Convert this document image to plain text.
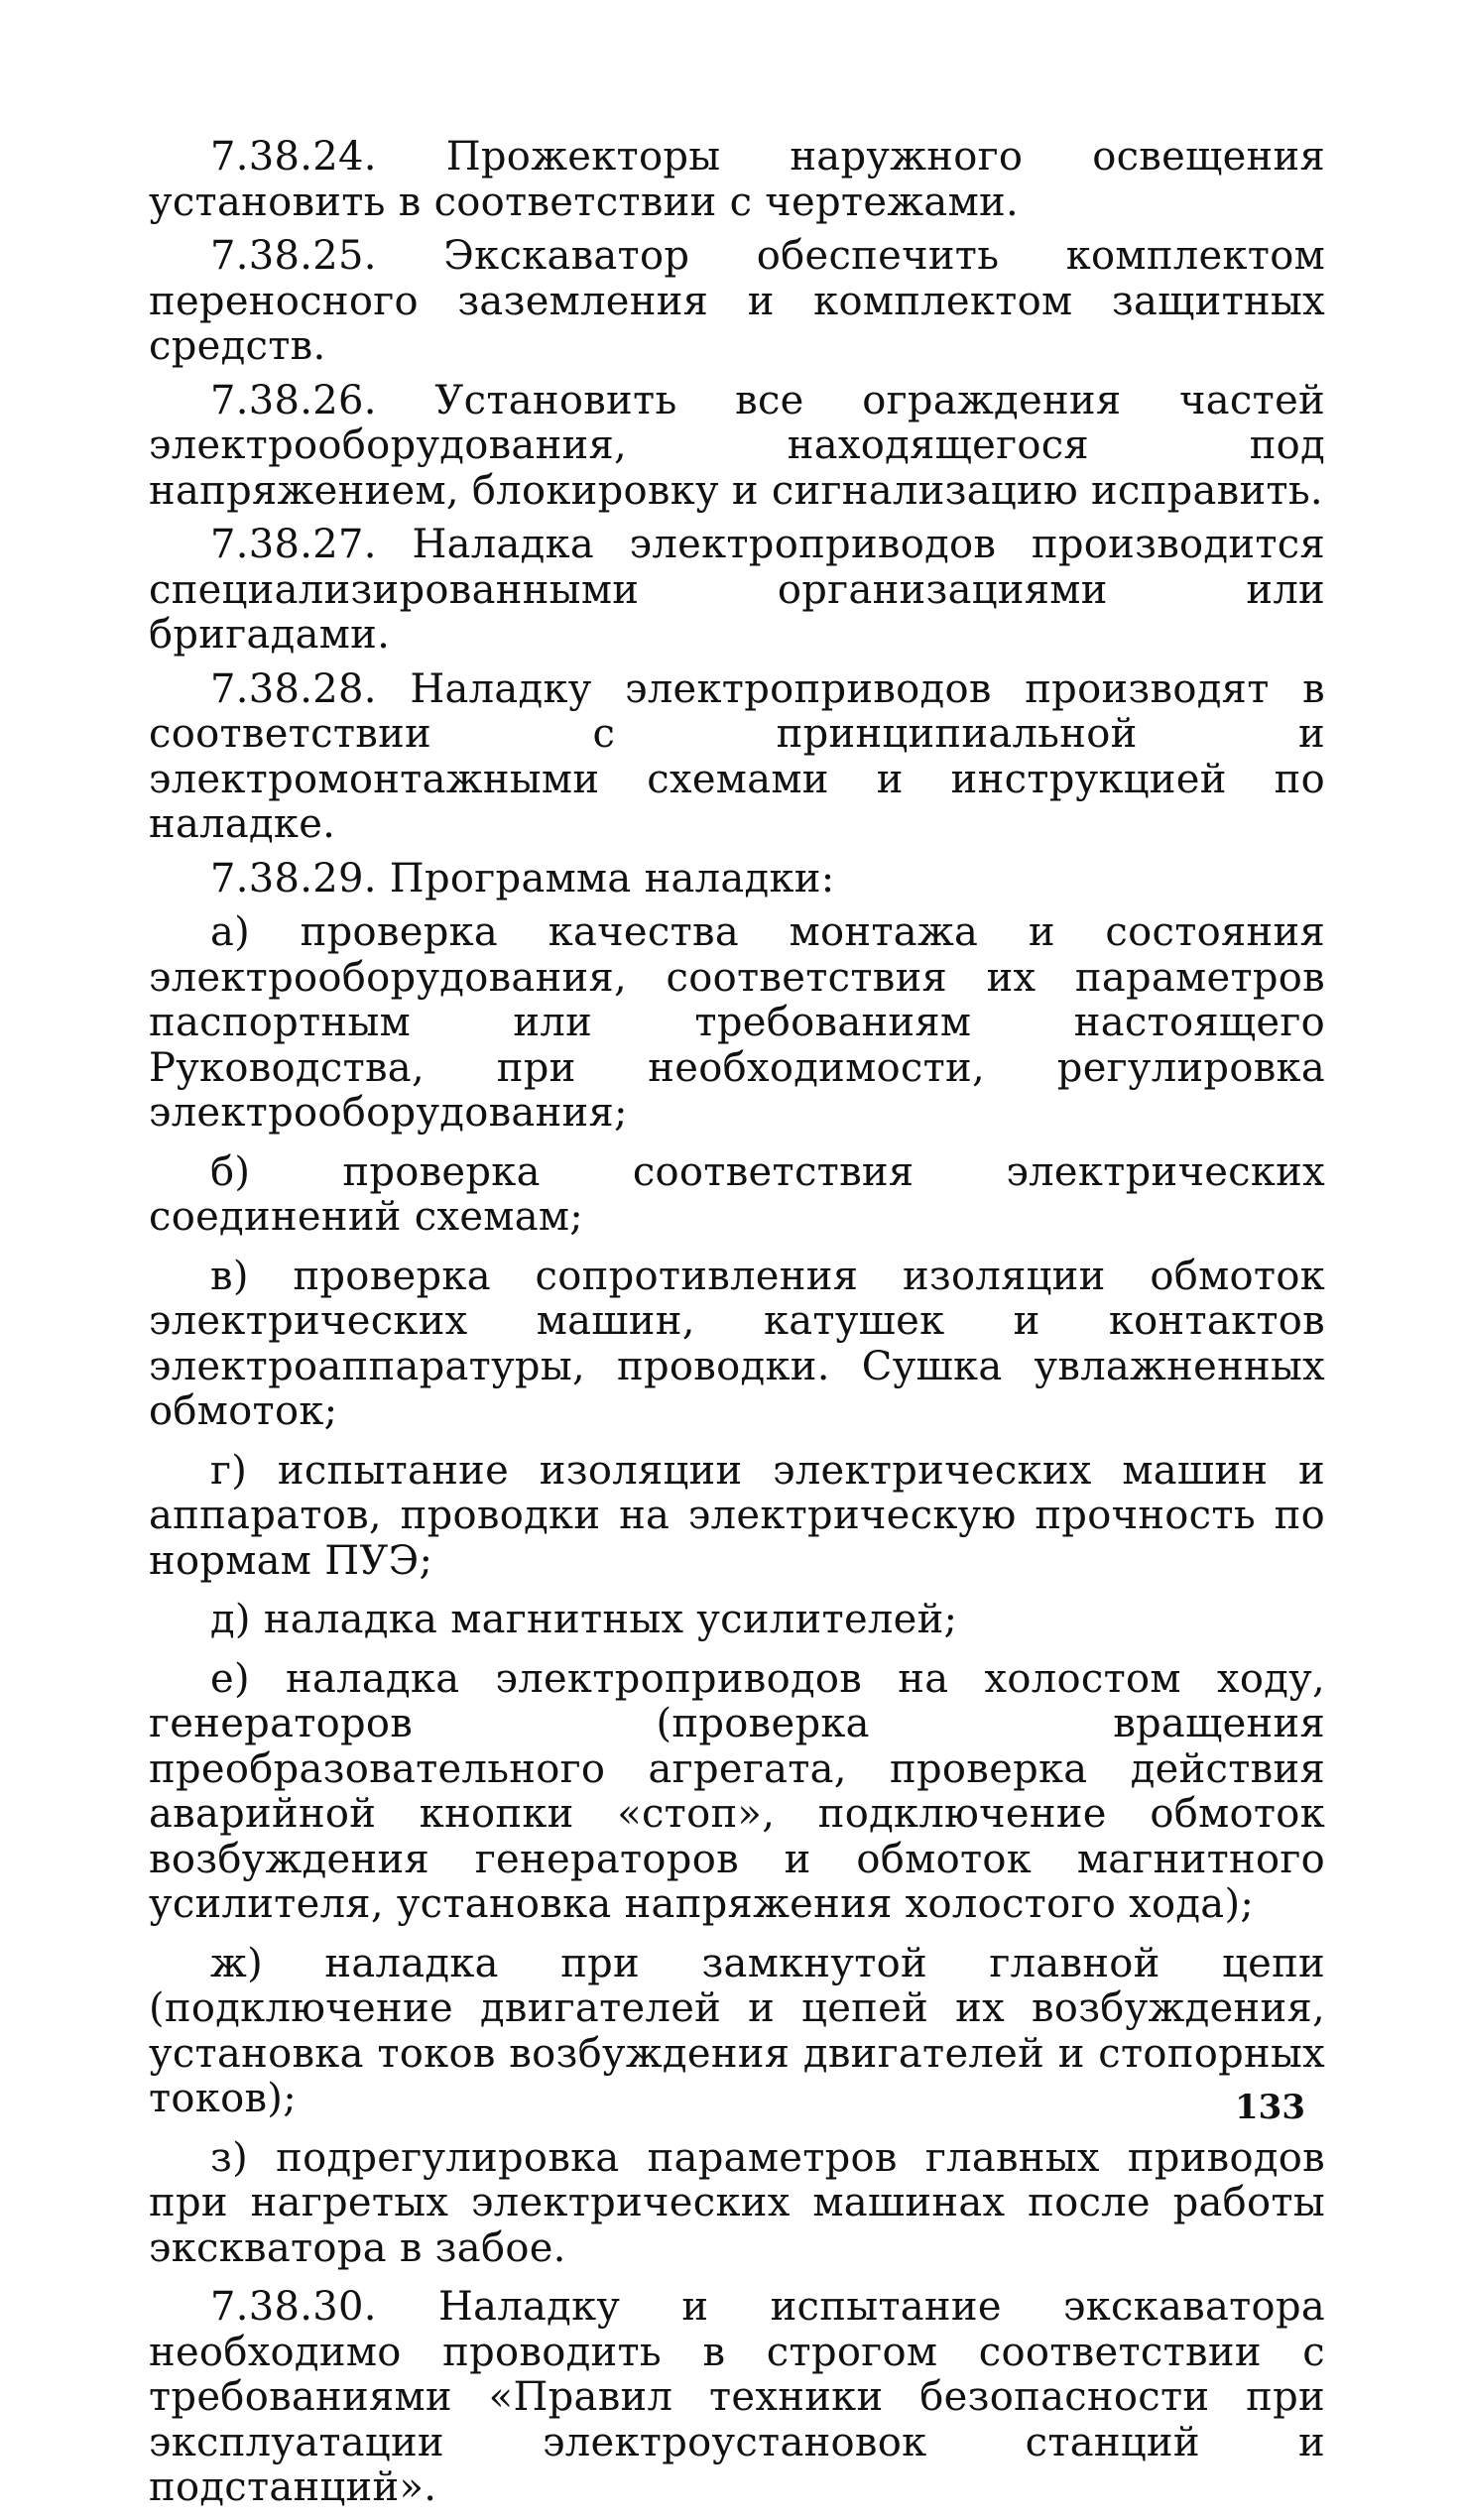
7.38.24. Прожекторы наружного освещения установить в соответствии с чертежами.

7.38.25. Экскаватор обеспечить комплектом переносного заземления и комплектом защитных средств.

7.38.26. Установить все ограждения частей электрооборудования, находящегося под напряжением, блокировку и сигнализацию исправить.

7.38.27. Наладка электроприводов производится специализированными организациями или бригадами.

7.38.28. Наладку электроприводов производят в соответствии с принципиальной и электромонтажными схемами и инструкцией по наладке.

7.38.29. Программа наладки:

а) проверка качества монтажа и состояния электрооборудования, соответствия их параметров паспортным или требованиям настоящего Руководства, при необходимости, регулировка электрооборудования;

б) проверка соответствия электрических соединений схемам;

в) проверка сопротивления изоляции обмоток электрических машин, катушек и контактов электроаппаратуры, проводки. Сушка увлажненных обмоток;

г) испытание изоляции электрических машин и аппаратов, проводки на электрическую прочность по нормам ПУЭ;

д) наладка магнитных усилителей;

е) наладка электроприводов на холостом ходу, генераторов (проверка вращения преобразовательного агрегата, проверка действия аварийной кнопки «стоп», подключение обмоток возбуждения генераторов и обмоток магнитного усилителя, установка напряжения холостого хода);

ж) наладка при замкнутой главной цепи (подключение двигателей и цепей их возбуждения, установка токов возбуждения двигателей и стопорных токов);

з) подрегулировка параметров главных приводов при нагретых электрических машинах после работы экскватора в забое.

7.38.30. Наладку и испытание экскаватора необходимо проводить в строгом соответствии с требованиями «Правил техники безопасности при эксплуатации электроустановок станций и подстанций».

133
